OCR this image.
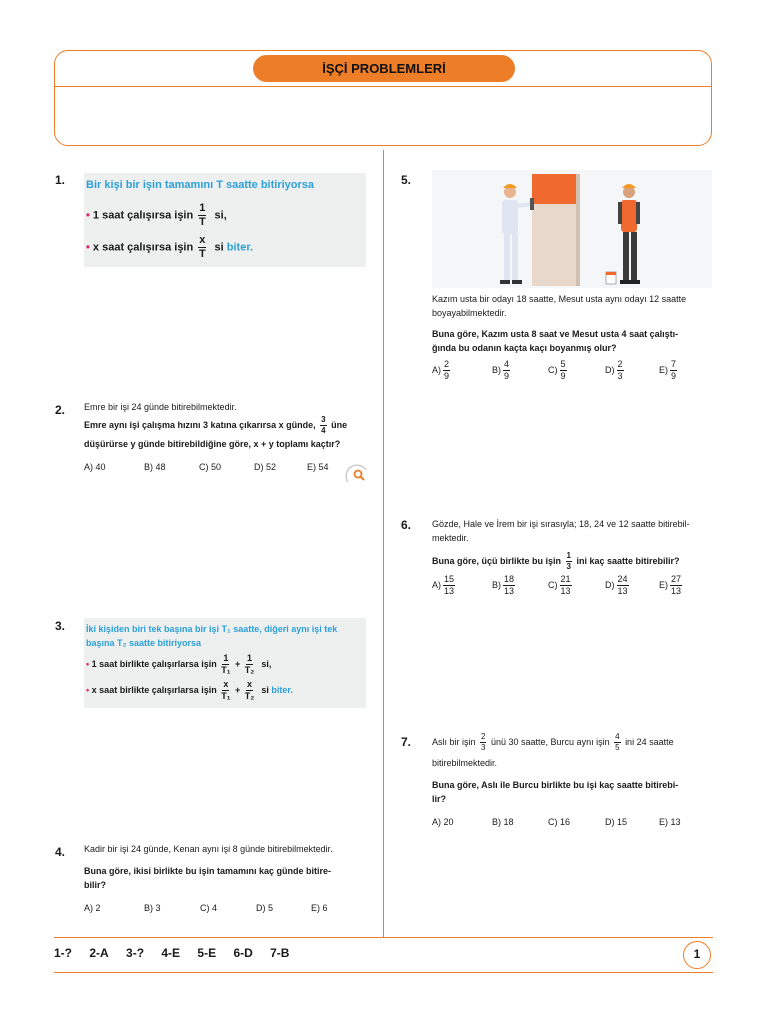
İŞÇİ PROBLEMLERİ
1. Bir kişi bir işin tamamını T saatte bitiriyorsa
• 1 saat çalışırsa işin $\frac{1}{T}$ si,
• x saat çalışırsa işin $\frac{x}{T}$ si biter.
2. Emre bir işi 24 günde bitirebilmektedir.
Emre aynı işi çalışma hızını 3 katına çıkarırsa x günde, $\frac{3}{4}$ üne
düşürürse y günde bitirebildiğine göre, x + y toplamı kaçtır?
A) 40	B) 48	C) 50	D) 52	E) 54
3. İki kişiden biri tek başına bir işi T₁ saatte, diğeri aynı işi tek
başına T₂ saatte bitiriyorsa
• 1 saat birlikte çalışırlarsa işin $\frac{1}{\text{T₁}} + \frac{1}{\text{T₂}}$ si,
• x saat birlikte çalışırlarsa işin $\frac{x}{\text{T₁}} + \frac{x}{\text{T₂}}$ si biter.
4. Kadir bir işi 24 günde, Kenan aynı işi 8 günde bitirebilmektedir.
Buna göre, ikisi birlikte bu işin tamamını kaç günde bitire-
bilir?
A) 2	B) 3	C) 4	D) 5	E) 6
5.
Kazım usta bir odayı 18 saatte, Mesut usta aynı odayı 12 saatte
boyayabilmektedir.
Buna göre, Kazım usta 8 saat ve Mesut usta 4 saat çalıştı-
ğında bu odanın kaçta kaçı boyanmış olur?
$A) \frac{2}{9}$	$B) \frac{4}{9}$	$C) \frac{5}{9}$	$D) \frac{2}{3}$	$E) \frac{7}{9}$
6. Gözde, Hale ve İrem bir işi sırasıyla; 18, 24 ve 12 saatte bitirebil-
mektedir.
Buna göre, üçü birlikte bu işin $\frac{1}{3}$ ini kaç saatte bitirebilir?
$A) \frac{15}{13}$	$B) \frac{18}{13}$	$C) \frac{21}{13}$	$D) \frac{24}{13}$	$E) \frac{27}{13}$
7. Aslı bir işin $\frac{2}{3}$ ünü 30 saatte, Burcu aynı işin $\frac{4}{5}$ ini 24 saatte
bitirebilmektedir.
Buna göre, Aslı ile Burcu birlikte bu işi kaç saatte bitirebi-
lir?
A) 20	B) 18	C) 16	D) 15	E) 13
1-? 2-A 3-? 4-E 5-E 6-D 7-B	1
